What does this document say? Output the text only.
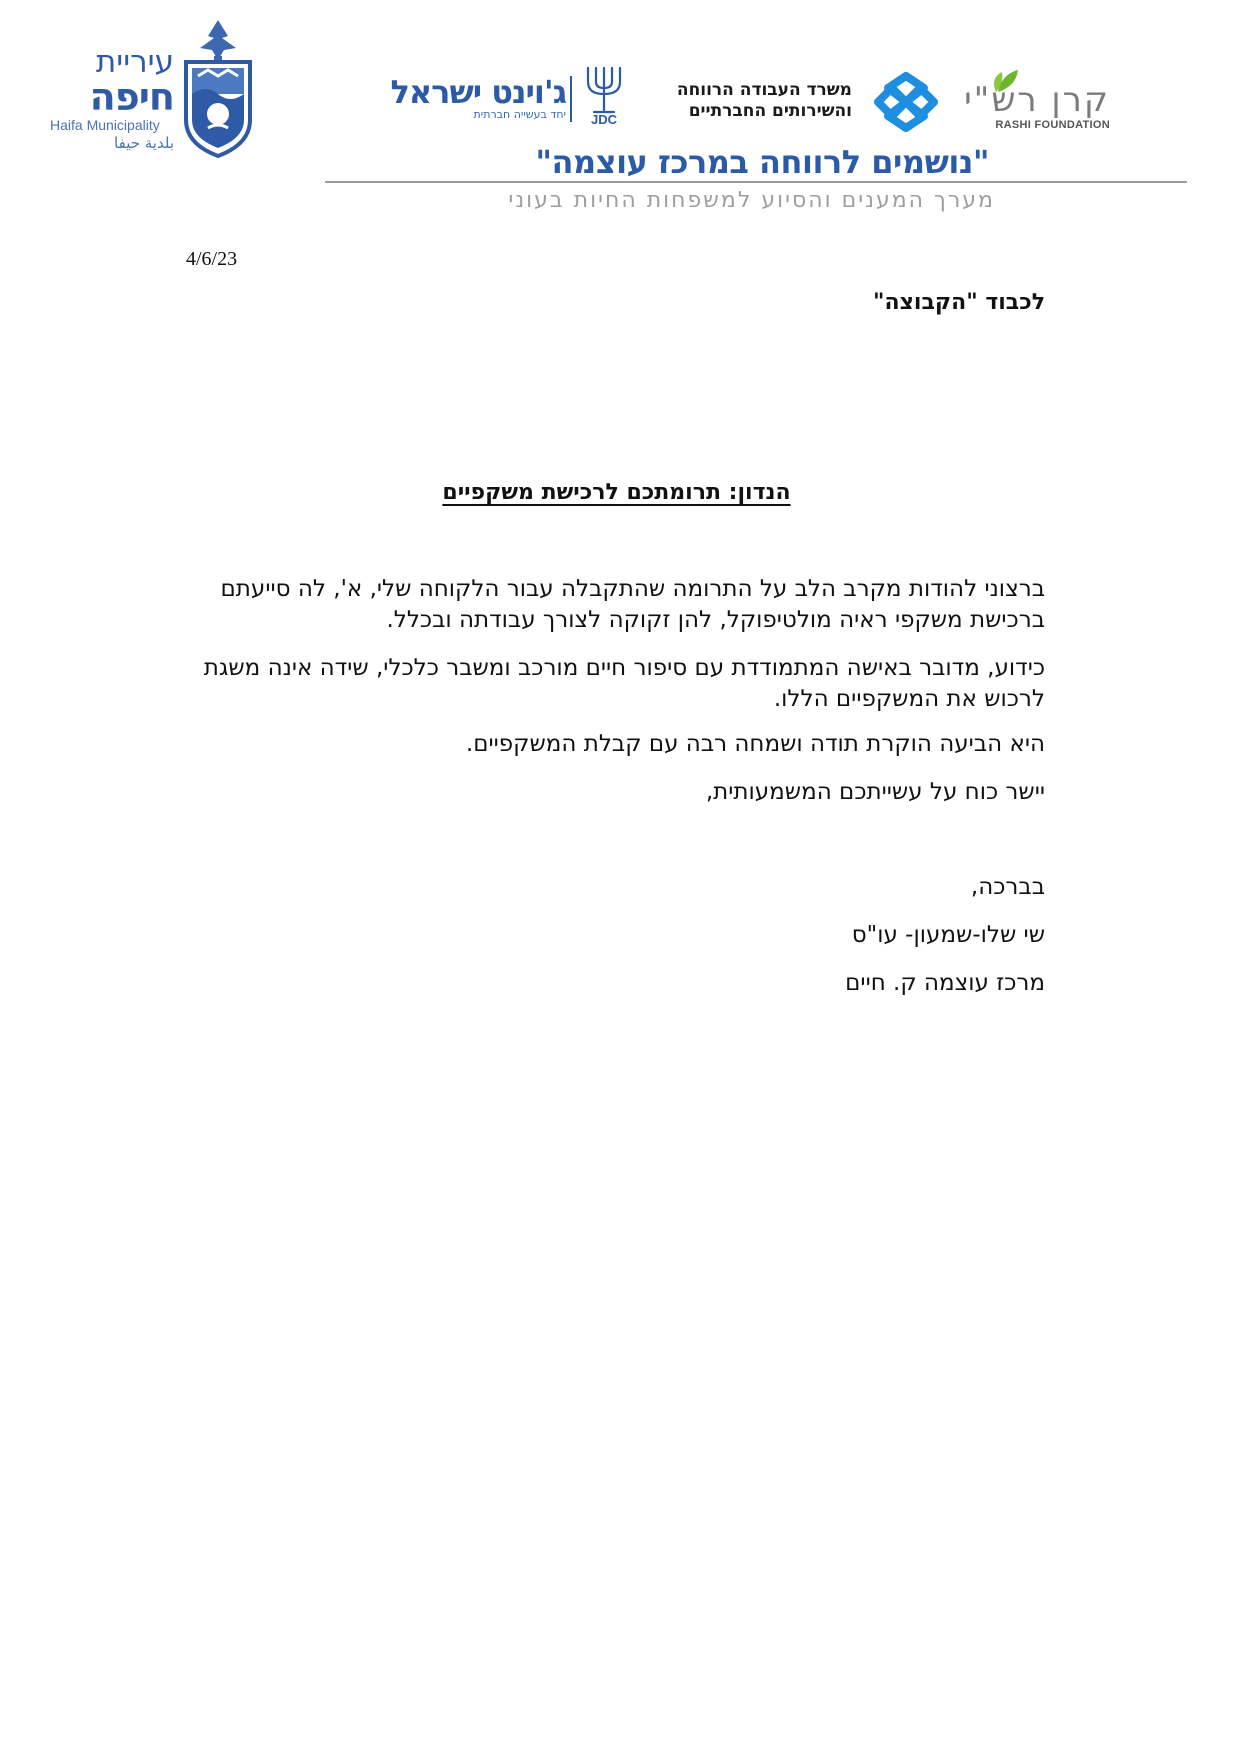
עיריית
חיפה
Haifa Municipality
بلدية حيفا
ג'וינט ישראל
יחד בעשייה חברתית JDC
משרד העבודה הרווחה
והשירותים החברתיים	קרן רש"י
RASHI FOUNDATION
"נושמים לרווחה במרכז עוצמה"
מערך המענים והסיוע למשפחות החיות בעוני
4/6/23
לכבוד "הקבוצה"
הנדון: תרומתכם לרכישת משקפיים
ברצוני להודות מקרב הלב על התרומה שהתקבלה עבור הלקוחה שלי, א', לה סייעתם ברכישת משקפי ראיה מולטיפוקל, להן זקוקה לצורך עבודתה ובכלל.
כידוע, מדובר באישה המתמודדת עם סיפור חיים מורכב ומשבר כלכלי, שידה אינה משגת לרכוש את המשקפיים הללו.
היא הביעה הוקרת תודה ושמחה רבה עם קבלת המשקפיים.
יישר כוח על עשייתכם המשמעותית,
בברכה,
שי שלו-שמעון- עו"ס
מרכז עוצמה ק. חיים
